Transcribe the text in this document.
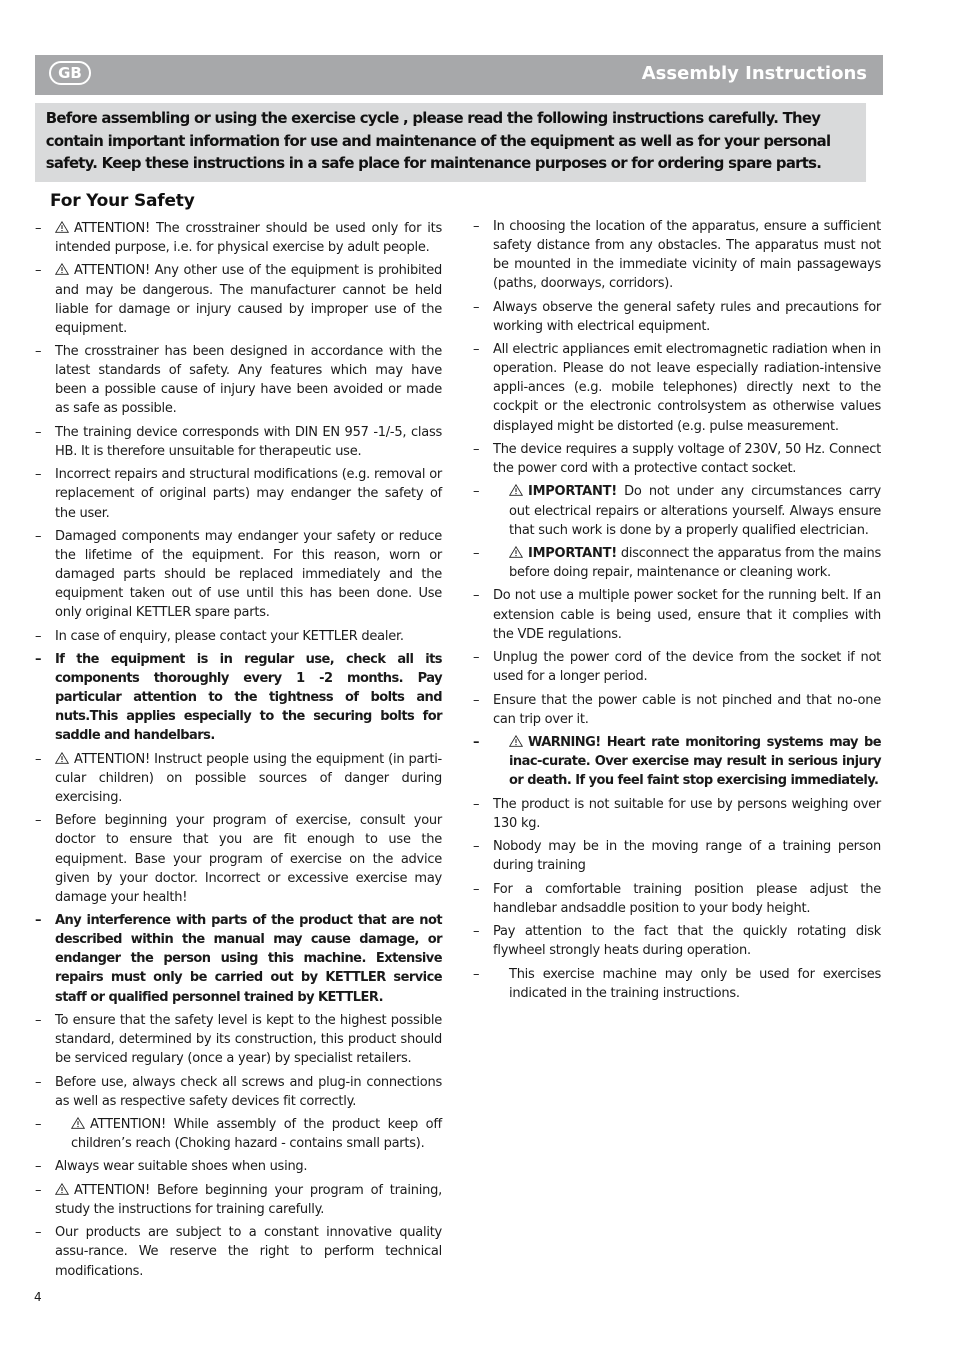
GB	Assembly Instructions
Before assembling or using the exercise cycle , please read the following instructions carefully. They contain important information for use and maintenance of the equipment as well as for your personal safety. Keep these instructions in a safe place for maintenance purposes or for ordering spare parts.
For Your Safety
–	ATTENTION! The crosstrainer should be used only for its intended purpose, i.e. for physical exercise by adult people.
–	ATTENTION! Any other use of the equipment is prohibited and may be dangerous. The manufacturer cannot be held liable for damage or injury caused by improper use of the equipment.
–	The crosstrainer has been designed in accordance with the latest standards of safety. Any features which may have been a possible cause of injury have been avoided or made as safe as possible.
–	The training device corresponds with DIN EN 957 -1/-5, class HB. It is therefore unsuitable for therapeutic use.
–	Incorrect repairs and structural modifications (e.g. removal or replacement of original parts) may endanger the safety of the user.
–	Damaged components may endanger your safety or reduce the lifetime of the equipment. For this reason, worn or damaged parts should be replaced immediately and the equipment taken out of use until this has been done. Use only original KETTLER spare parts.
–	In case of enquiry, please contact your KETTLER dealer.
–	If the equipment is in regular use, check all its components thoroughly every 1 -2 months. Pay particular attention to the tightness of bolts and nuts.This applies especially to the securing bolts for saddle and handelbars.
–	ATTENTION! Instruct people using the equipment (in parti-cular children) on possible sources of danger during exercising.
–	Before beginning your program of exercise, consult your doctor to ensure that you are fit enough to use the equipment. Base your program of exercise on the advice given by your doctor. Incorrect or excessive exercise may damage your health!
–	Any interference with parts of the product that are not described within the manual may cause damage, or endanger the person using this machine. Extensive repairs must only be carried out by KETTLER service staff or qualified personnel trained by KETTLER.
–	To ensure that the safety level is kept to the highest possible standard, determined by its construction, this product should be serviced regulary (once a year) by specialist retailers.
–	Before use, always check all screws and plug-in connections as well as respective safety devices fit correctly.
–	ATTENTION! While assembly of the product keep off children’s reach (Choking hazard - contains small parts).
–	Always wear suitable shoes when using.
–	ATTENTION! Before beginning your program of training, study the instructions for training carefully.
–	Our products are subject to a constant innovative quality assu-rance. We reserve the right to perform technical modifications.
–	In choosing the location of the apparatus, ensure a sufficient safety distance from any obstacles. The apparatus must not be mounted in the immediate vicinity of main passageways (paths, doorways, corridors).
–	Always observe the general safety rules and precautions for working with electrical equipment.
–	All electric appliances emit electromagnetic radiation when in operation. Please do not leave especially radiation-intensive appli-ances (e.g. mobile telephones) directly next to the cockpit or the electronic controlsystem as otherwise values displayed might be distorted (e.g. pulse measurement.
–	The device requires a supply voltage of 230V, 50 Hz. Connect the power cord with a protective contact socket.
–	IMPORTANT! Do not under any circumstances carry out electrical repairs or alterations yourself. Always ensure that such work is done by a properly qualified electrician.
–	IMPORTANT! disconnect the apparatus from the mains before doing repair, maintenance or cleaning work.
–	Do not use a multiple power socket for the running belt. If an extension cable is being used, ensure that it complies with the VDE regulations.
–	Unplug the power cord of the device from the socket if not used for a longer period.
–	Ensure that the power cable is not pinched and that no-one can trip over it.
–	WARNING! Heart rate monitoring systems may be inac-curate. Over exercise may result in serious injury or death. If you feel faint stop exercising immediately.
–	The product is not suitable for use by persons weighing over 130 kg.
–	Nobody may be in the moving range of a training person during training
–	For a comfortable training position please adjust the handlebar andsaddle position to your body height.
–	Pay attention to the fact that the quickly rotating disk flywheel strongly heats during operation.
–	This exercise machine may only be used for exercises indicated in the training instructions.
4
